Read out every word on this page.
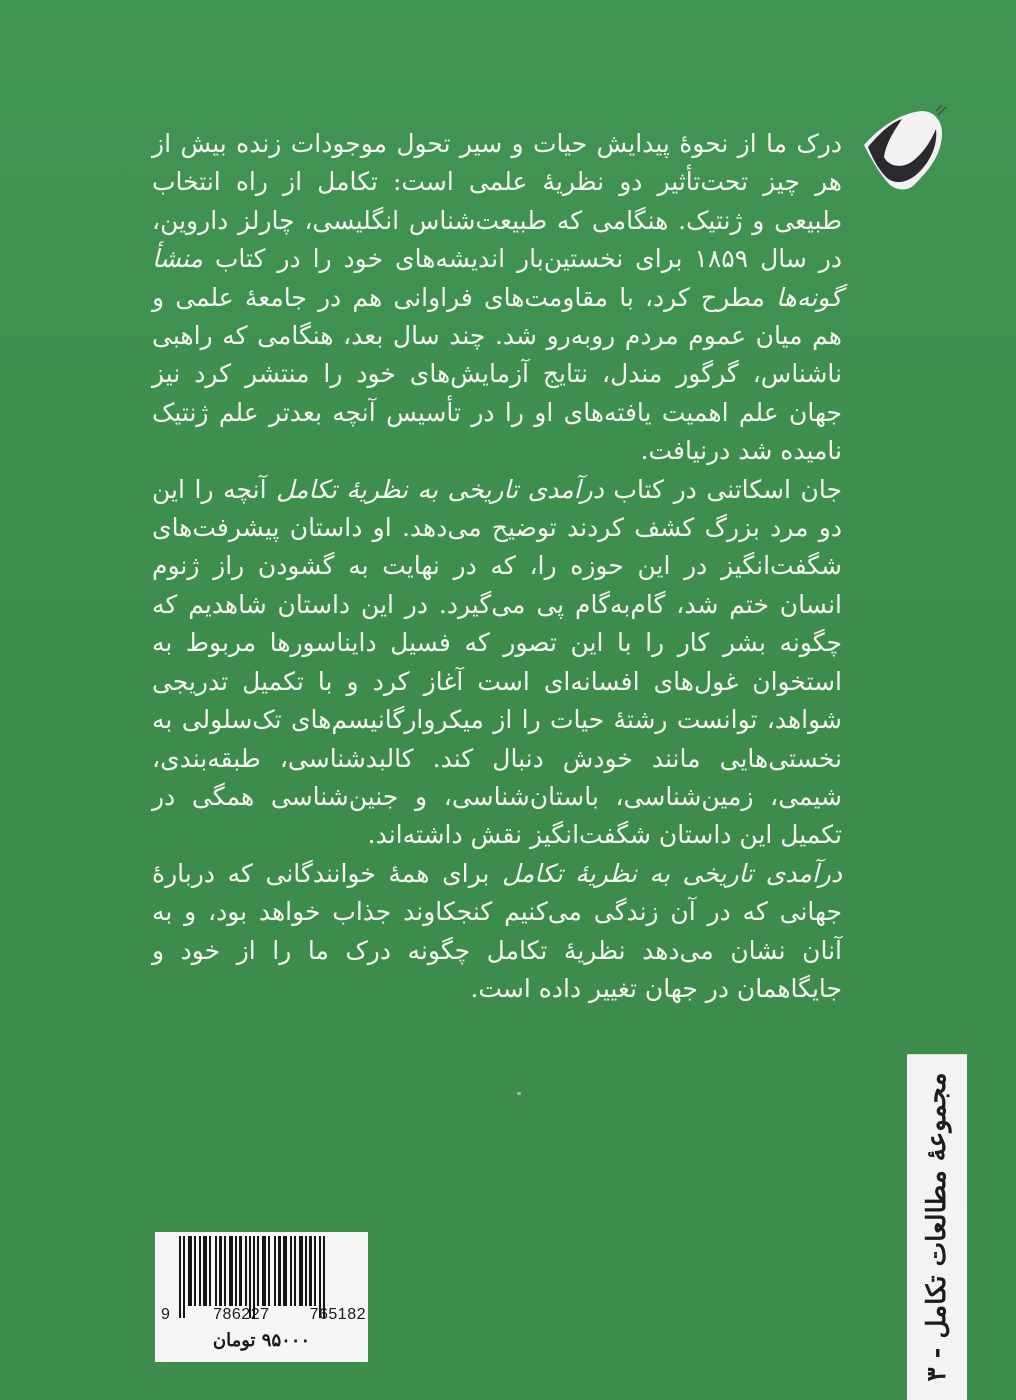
درک ما از نحوهٔ پیدایش حیات و سیر تحول موجودات زنده بیش از هر چیز تحت‌تأثیر دو نظریهٔ علمی است: تکامل از راه انتخاب طبیعی و ژنتیک. هنگامی که طبیعت‌شناس انگلیسی، چارلز داروین، در سال ۱۸۵۹ برای نخستین‌بار اندیشه‌های خود را در کتاب منشأ گونه‌ها مطرح کرد، با مقاومت‌های فراوانی هم در جامعهٔ علمی و هم میان عموم مردم روبه‌رو شد. چند سال بعد، هنگامی که راهبی ناشناس، گرگور مندل، نتایج آزمایش‌های خود را منتشر کرد نیز جهان علم اهمیت یافته‌های او را در تأسیس آنچه بعدتر علم ژنتیک نامیده شد درنیافت.

جان اسکاتنی در کتاب درآمدی تاریخی به نظریهٔ تکامل آنچه را این دو مرد بزرگ کشف کردند توضیح می‌دهد. او داستان پیشرفت‌های شگفت‌انگیز در این حوزه را، که در نهایت به گشودن راز ژنوم انسان ختم شد، گام‌به‌گام پی می‌گیرد. در این داستان شاهدیم که چگونه بشر کار را با این تصور که فسیل دایناسورها مربوط به استخوان غول‌های افسانه‌ای است آغاز کرد و با تکمیل تدریجی شواهد، توانست رشتهٔ حیات را از میکروارگانیسم‌های تک‌سلولی به نخستی‌هایی مانند خودش دنبال کند. کالبدشناسی، طبقه‌بندی، شیمی، زمین‌شناسی، باستان‌شناسی، و جنین‌شناسی همگی در تکمیل این داستان شگفت‌انگیز نقش داشته‌اند.

درآمدی تاریخی به نظریهٔ تکامل برای همهٔ خوانندگانی که دربارهٔ جهانی که در آن زندگی می‌کنیم کنجکاوند جذاب خواهد بود، و به آنان نشان می‌دهد نظریهٔ تکامل چگونه درک ما را از خود و جایگاهمان در جهان تغییر داده است.

مجموعهٔ مطالعات تکامل - ۳
9	786227	765182
۹۵۰۰۰ تومان
